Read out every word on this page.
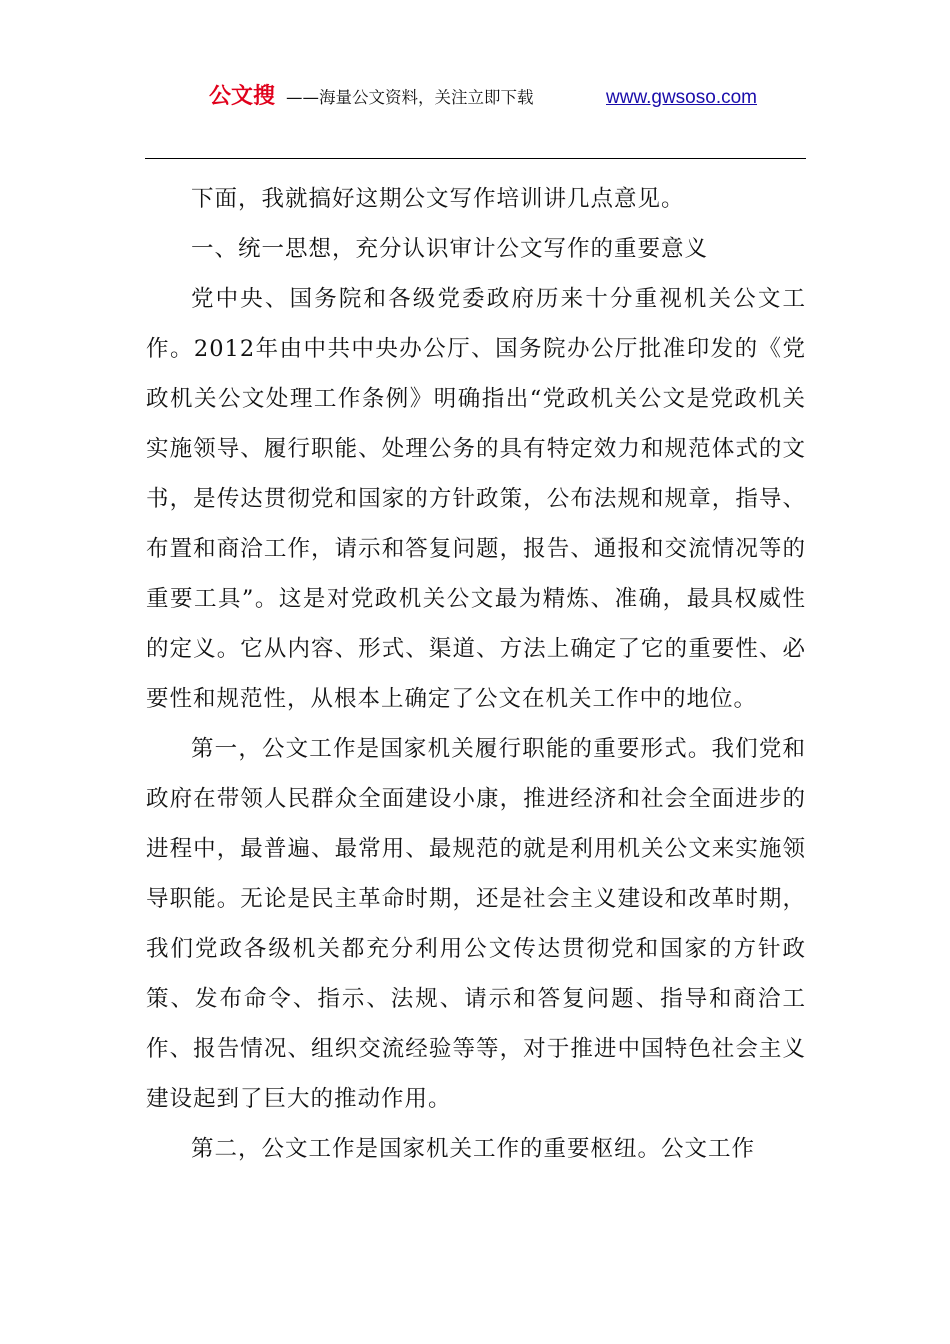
公文搜 ——海量公文资料，关注立即下载	www.gwsoso.com

下面，我就搞好这期公文写作培训讲几点意见。

一、统一思想，充分认识审计公文写作的重要意义

党中央、国务院和各级党委政府历来十分重视机关公文工作。2012年由中共中央办公厅、国务院办公厅批准印发的《党政机关公文处理工作条例》明确指出“党政机关公文是党政机关实施领导、履行职能、处理公务的具有特定效力和规范体式的文书，是传达贯彻党和国家的方针政策，公布法规和规章，指导、布置和商洽工作，请示和答复问题，报告、通报和交流情况等的重要工具”。这是对党政机关公文最为精炼、准确，最具权威性的定义。它从内容、形式、渠道、方法上确定了它的重要性、必要性和规范性，从根本上确定了公文在机关工作中的地位。

第一，公文工作是国家机关履行职能的重要形式。我们党和政府在带领人民群众全面建设小康，推进经济和社会全面进步的进程中，最普遍、最常用、最规范的就是利用机关公文来实施领导职能。无论是民主革命时期，还是社会主义建设和改革时期，我们党政各级机关都充分利用公文传达贯彻党和国家的方针政策、发布命令、指示、法规、请示和答复问题、指导和商洽工作、报告情况、组织交流经验等等，对于推进中国特色社会主义建设起到了巨大的推动作用。

第二，公文工作是国家机关工作的重要枢纽。公文工作
